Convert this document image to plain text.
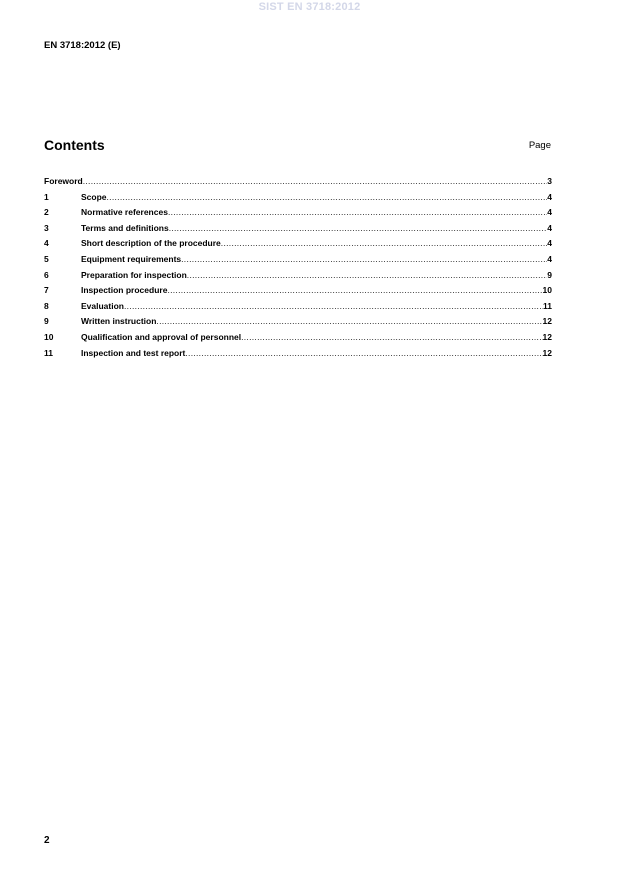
SIST EN 3718:2012
EN 3718:2012 (E)
Contents	Page
Foreword .....	3
1	Scope .....	4
2	Normative references .....	4
3	Terms and definitions .....	4
4	Short description of the procedure .....	4
5	Equipment requirements .....	4
6	Preparation for inspection .....	9
7	Inspection procedure .....	10
8	Evaluation .....	11
9	Written instruction .....	12
10	Qualification and approval of personnel .....	12
11	Inspection and test report .....	12
2
